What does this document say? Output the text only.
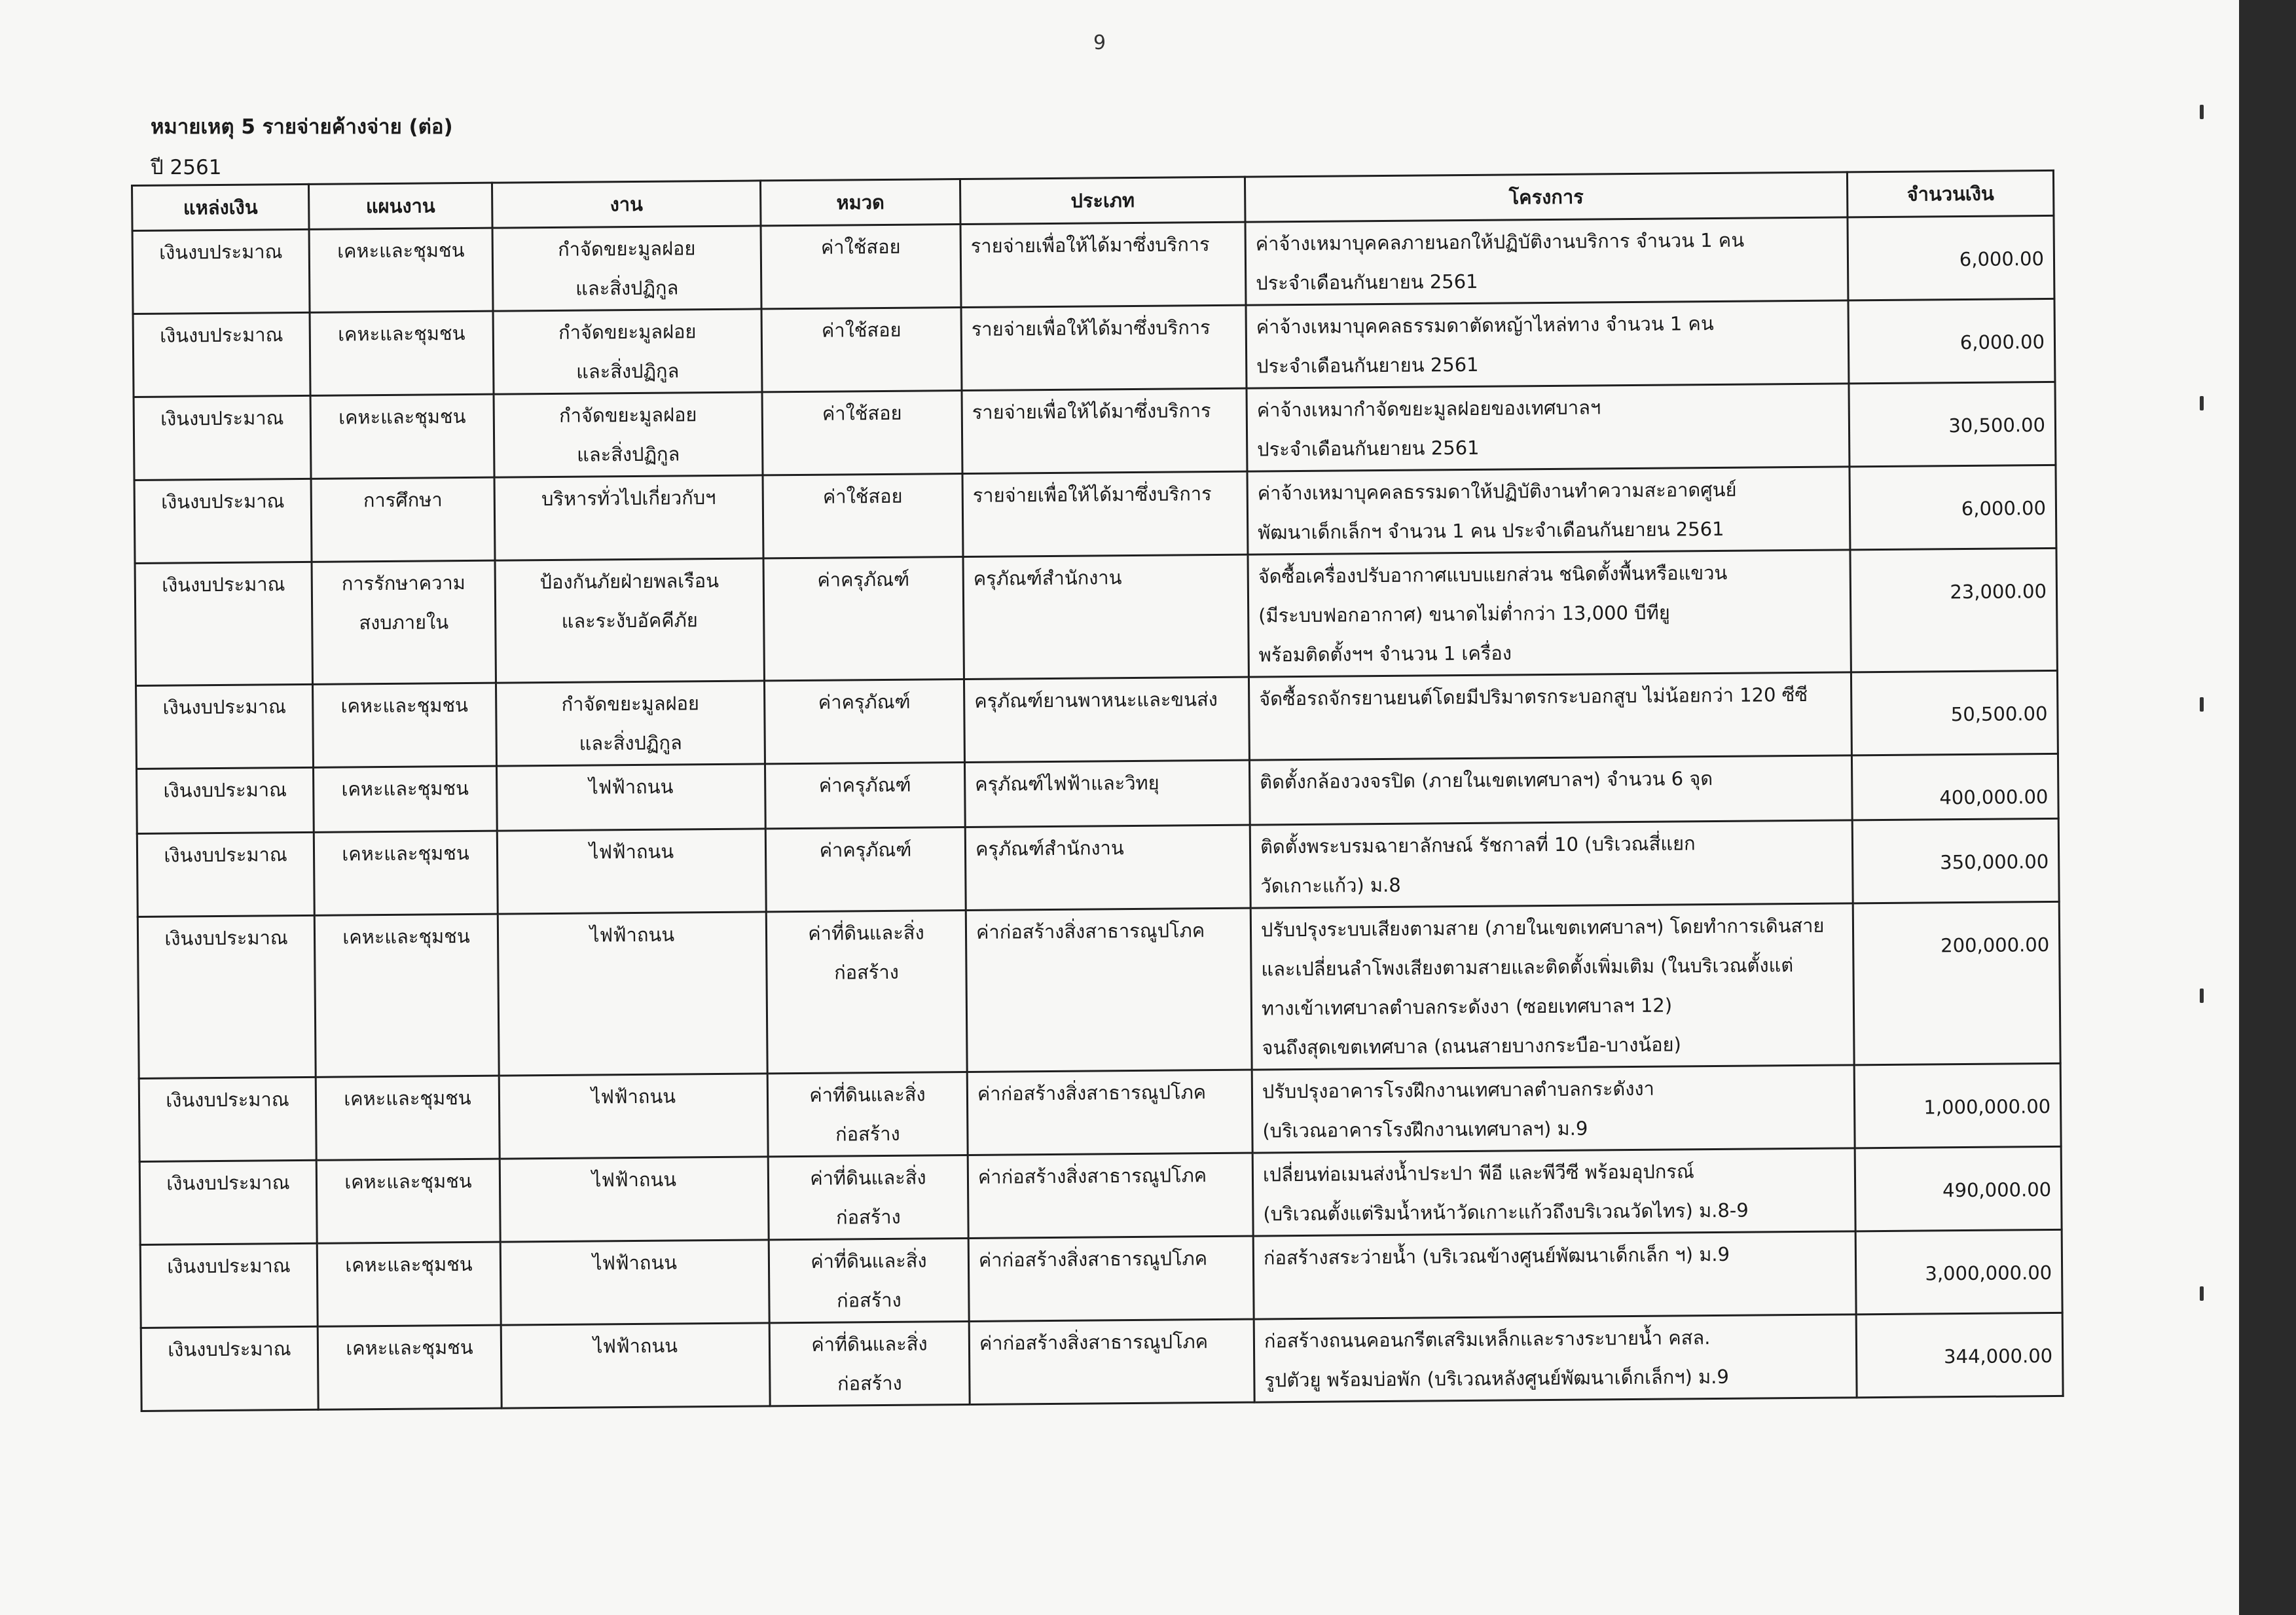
9
หมายเหตุ 5 รายจ่ายค้างจ่าย (ต่อ)
ปี 2561
แหล่งเงิน	แผนงาน	งาน	หมวด	ประเภท	โครงการ	จำนวนเงิน
เงินงบประมาณ	เคหะและชุมชน	กำจัดขยะมูลฝอย
และสิ่งปฏิกูล	ค่าใช้สอย	รายจ่ายเพื่อให้ได้มาซึ่งบริการ	ค่าจ้างเหมาบุคคลภายนอกให้ปฏิบัติงานบริการ จำนวน 1 คน
ประจำเดือนกันยายน 2561	6,000.00
เงินงบประมาณ	เคหะและชุมชน	กำจัดขยะมูลฝอย
และสิ่งปฏิกูล	ค่าใช้สอย	รายจ่ายเพื่อให้ได้มาซึ่งบริการ	ค่าจ้างเหมาบุคคลธรรมดาตัดหญ้าไหล่ทาง จำนวน 1 คน
ประจำเดือนกันยายน 2561	6,000.00
เงินงบประมาณ	เคหะและชุมชน	กำจัดขยะมูลฝอย
และสิ่งปฏิกูล	ค่าใช้สอย	รายจ่ายเพื่อให้ได้มาซึ่งบริการ	ค่าจ้างเหมากำจัดขยะมูลฝอยของเทศบาลฯ
ประจำเดือนกันยายน 2561	30,500.00
เงินงบประมาณ	การศึกษา	บริหารทั่วไปเกี่ยวกับฯ	ค่าใช้สอย	รายจ่ายเพื่อให้ได้มาซึ่งบริการ	ค่าจ้างเหมาบุคคลธรรมดาให้ปฏิบัติงานทำความสะอาดศูนย์
พัฒนาเด็กเล็กฯ จำนวน 1 คน ประจำเดือนกันยายน 2561	6,000.00
เงินงบประมาณ	การรักษาความ
สงบภายใน	ป้องกันภัยฝ่ายพลเรือน
และระงับอัคคีภัย	ค่าครุภัณฑ์	ครุภัณฑ์สำนักงาน	จัดซื้อเครื่องปรับอากาศแบบแยกส่วน ชนิดตั้งพื้นหรือแขวน
(มีระบบฟอกอากาศ) ขนาดไม่ต่ำกว่า 13,000 บีทียู
พร้อมติดตั้งฯฯ จำนวน 1 เครื่อง	23,000.00
เงินงบประมาณ	เคหะและชุมชน	กำจัดขยะมูลฝอย
และสิ่งปฏิกูล	ค่าครุภัณฑ์	ครุภัณฑ์ยานพาหนะและขนส่ง	จัดซื้อรถจักรยานยนต์โดยมีปริมาตรกระบอกสูบ ไม่น้อยกว่า 120 ซีซี	50,500.00
เงินงบประมาณ	เคหะและชุมชน	ไฟฟ้าถนน	ค่าครุภัณฑ์	ครุภัณฑ์ไฟฟ้าและวิทยุ	ติดตั้งกล้องวงจรปิด (ภายในเขตเทศบาลฯ) จำนวน 6 จุด	400,000.00
เงินงบประมาณ	เคหะและชุมชน	ไฟฟ้าถนน	ค่าครุภัณฑ์	ครุภัณฑ์สำนักงาน	ติดตั้งพระบรมฉายาลักษณ์ รัชกาลที่ 10 (บริเวณสี่แยก
วัดเกาะแก้ว) ม.8	350,000.00
เงินงบประมาณ	เคหะและชุมชน	ไฟฟ้าถนน	ค่าที่ดินและสิ่งก่อสร้าง	ค่าก่อสร้างสิ่งสาธารณูปโภค	ปรับปรุงระบบเสียงตามสาย (ภายในเขตเทศบาลฯ) โดยทำการเดินสาย
และเปลี่ยนลำโพงเสียงตามสายและติดตั้งเพิ่มเติม (ในบริเวณตั้งแต่
ทางเข้าเทศบาลตำบลกระดังงา (ซอยเทศบาลฯ 12)
จนถึงสุดเขตเทศบาล (ถนนสายบางกระบือ-บางน้อย)	200,000.00
เงินงบประมาณ	เคหะและชุมชน	ไฟฟ้าถนน	ค่าที่ดินและสิ่งก่อสร้าง	ค่าก่อสร้างสิ่งสาธารณูปโภค	ปรับปรุงอาคารโรงฝึกงานเทศบาลตำบลกระดังงา
(บริเวณอาคารโรงฝึกงานเทศบาลฯ) ม.9	1,000,000.00
เงินงบประมาณ	เคหะและชุมชน	ไฟฟ้าถนน	ค่าที่ดินและสิ่งก่อสร้าง	ค่าก่อสร้างสิ่งสาธารณูปโภค	เปลี่ยนท่อเมนส่งน้ำประปา พีอี และพีวีซี พร้อมอุปกรณ์
(บริเวณตั้งแต่ริมน้ำหน้าวัดเกาะแก้วถึงบริเวณวัดไทร) ม.8-9	490,000.00
เงินงบประมาณ	เคหะและชุมชน	ไฟฟ้าถนน	ค่าที่ดินและสิ่งก่อสร้าง	ค่าก่อสร้างสิ่งสาธารณูปโภค	ก่อสร้างสระว่ายน้ำ (บริเวณข้างศูนย์พัฒนาเด็กเล็ก ฯ) ม.9	3,000,000.00
เงินงบประมาณ	เคหะและชุมชน	ไฟฟ้าถนน	ค่าที่ดินและสิ่งก่อสร้าง	ค่าก่อสร้างสิ่งสาธารณูปโภค	ก่อสร้างถนนคอนกรีตเสริมเหล็กและรางระบายน้ำ คสล.
รูปตัวยู พร้อมบ่อพัก (บริเวณหลังศูนย์พัฒนาเด็กเล็กฯ) ม.9	344,000.00
